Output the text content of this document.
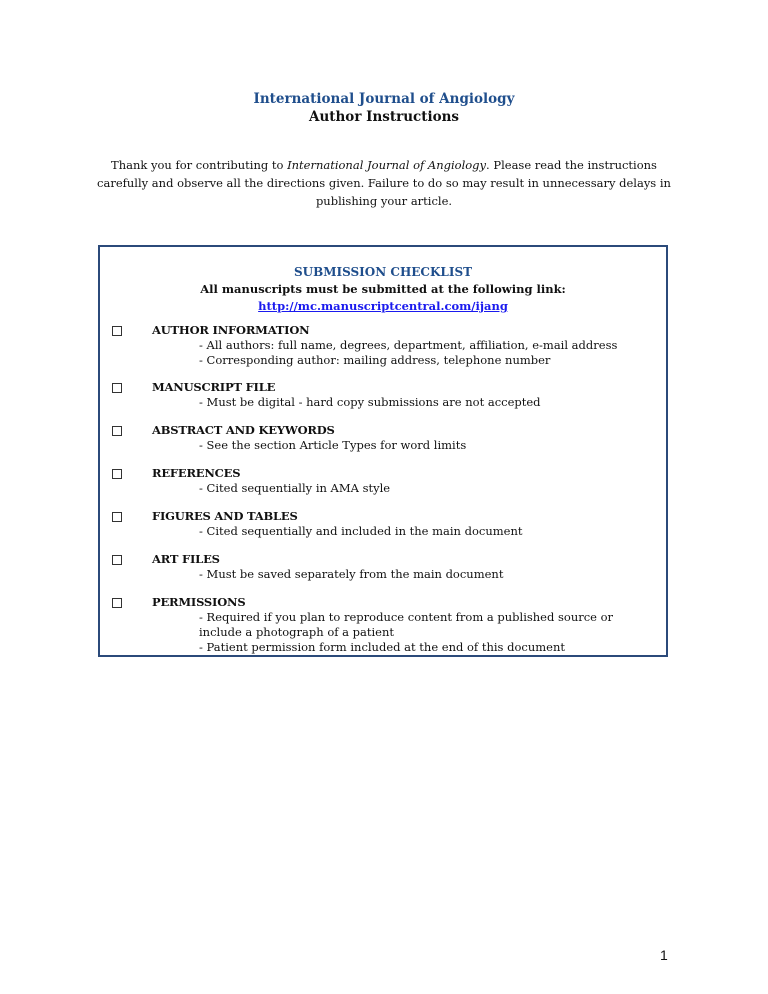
International Journal of Angiology
Author Instructions
Thank you for contributing to International Journal of Angiology. Please read the instructions carefully and observe all the directions given. Failure to do so may result in unnecessary delays in publishing your article.
SUBMISSION CHECKLIST
All manuscripts must be submitted at the following link:
http://mc.manuscriptcentral.com/ijang
AUTHOR INFORMATION
- All authors: full name, degrees, department, affiliation, e-mail address
- Corresponding author: mailing address, telephone number
MANUSCRIPT FILE
- Must be digital - hard copy submissions are not accepted
ABSTRACT AND KEYWORDS
- See the section Article Types for word limits
REFERENCES
- Cited sequentially in AMA style
FIGURES AND TABLES
- Cited sequentially and included in the main document
ART FILES
- Must be saved separately from the main document
PERMISSIONS
- Required if you plan to reproduce content from a published source or include a photograph of a patient
- Patient permission form included at the end of this document
1
